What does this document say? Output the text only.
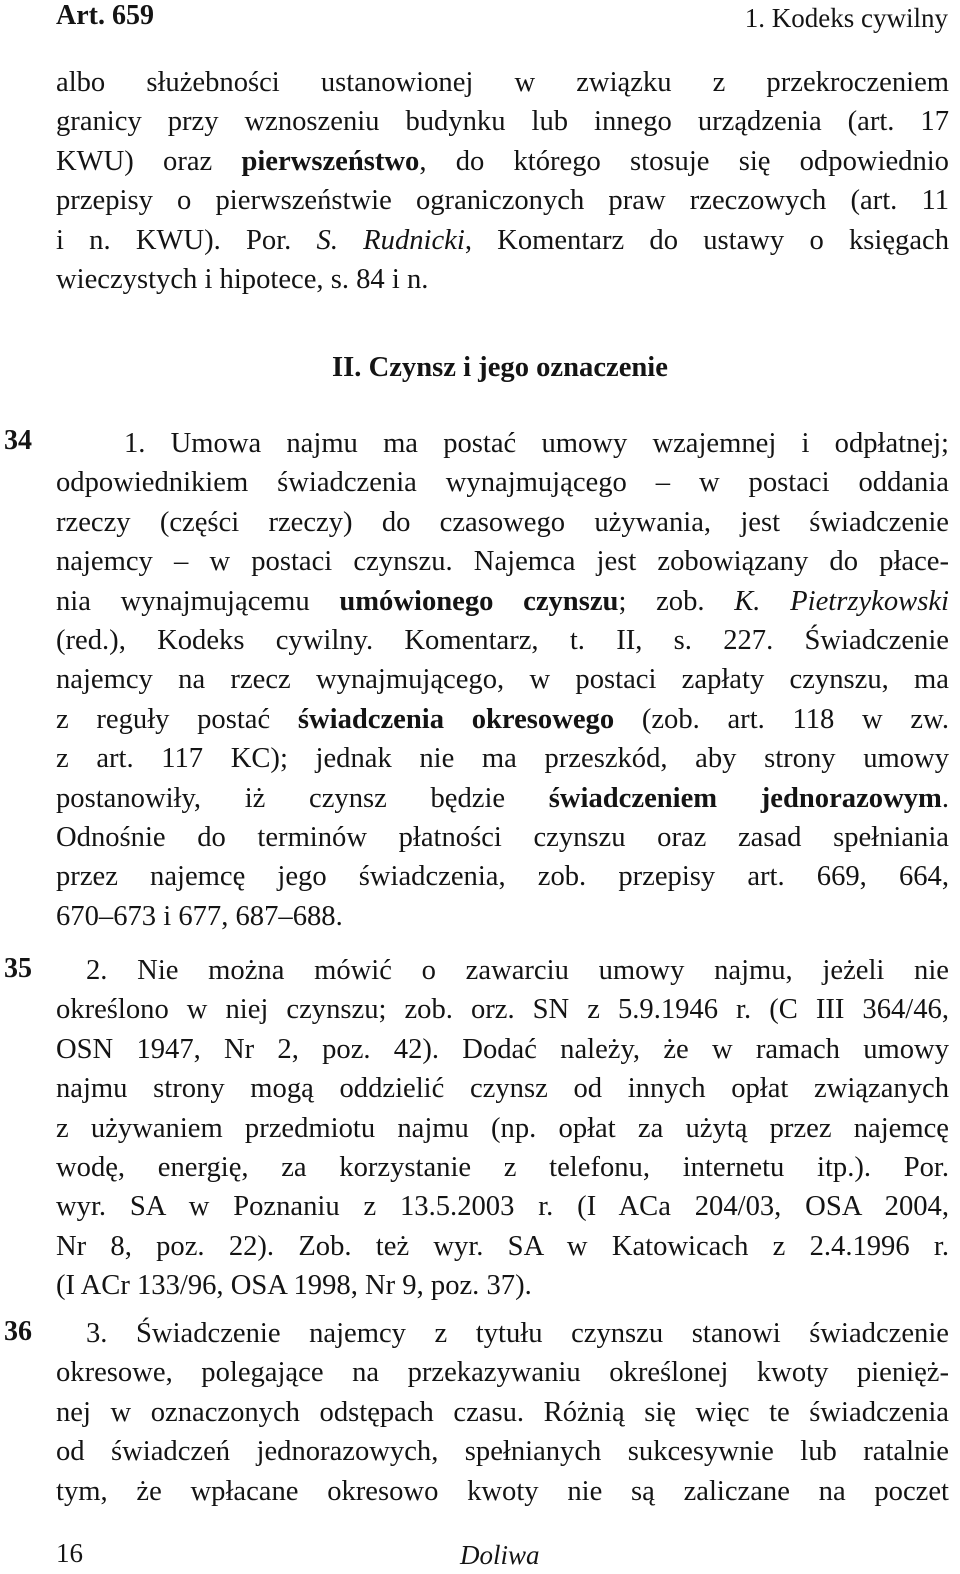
Art. 659	1. Kodeks cywilny
albo służebności ustanowionej w związku z przekroczeniem
granicy przy wznoszeniu budynku lub innego urządzenia (art. 17
KWU) oraz pierwszeństwo, do którego stosuje się odpowiednio
przepisy o pierwszeństwie ograniczonych praw rzeczowych (art. 11
i n. KWU). Por. S. Rudnicki, Komentarz do ustawy o księgach
wieczystych i hipotece, s. 84 i n.
II. Czynsz i jego oznaczenie
34
35
36
1. Umowa najmu ma postać umowy wzajemnej i odpłatnej;
odpowiednikiem świadczenia wynajmującego – w postaci oddania
rzeczy (części rzeczy) do czasowego używania, jest świadczenie
najemcy – w postaci czynszu. Najemca jest zobowiązany do płace-
nia wynajmującemu umówionego czynszu; zob. K. Pietrzykowski
(red.), Kodeks cywilny. Komentarz, t. II, s. 227. Świadczenie
najemcy na rzecz wynajmującego, w postaci zapłaty czynszu, ma
z reguły postać świadczenia okresowego (zob. art. 118 w zw.
z art. 117 KC); jednak nie ma przeszkód, aby strony umowy
postanowiły, iż czynsz będzie świadczeniem jednorazowym.
Odnośnie do terminów płatności czynszu oraz zasad spełniania
przez najemcę jego świadczenia, zob. przepisy art. 669, 664,
670–673 i 677, 687–688.
2. Nie można mówić o zawarciu umowy najmu, jeżeli nie
określono w niej czynszu; zob. orz. SN z 5.9.1946 r. (C III 364/46,
OSN 1947, Nr 2, poz. 42). Dodać należy, że w ramach umowy
najmu strony mogą oddzielić czynsz od innych opłat związanych
z używaniem przedmiotu najmu (np. opłat za użytą przez najemcę
wodę, energię, za korzystanie z telefonu, internetu itp.). Por.
wyr. SA w Poznaniu z 13.5.2003 r. (I ACa 204/03, OSA 2004,
Nr 8, poz. 22). Zob. też wyr. SA w Katowicach z 2.4.1996 r.
(I ACr 133/96, OSA 1998, Nr 9, poz. 37).
3. Świadczenie najemcy z tytułu czynszu stanowi świadczenie
okresowe, polegające na przekazywaniu określonej kwoty pienięż-
nej w oznaczonych odstępach czasu. Różnią się więc te świadczenia
od świadczeń jednorazowych, spełnianych sukcesywnie lub ratalnie
tym, że wpłacane okresowo kwoty nie są zaliczane na poczet
16	Doliwa
